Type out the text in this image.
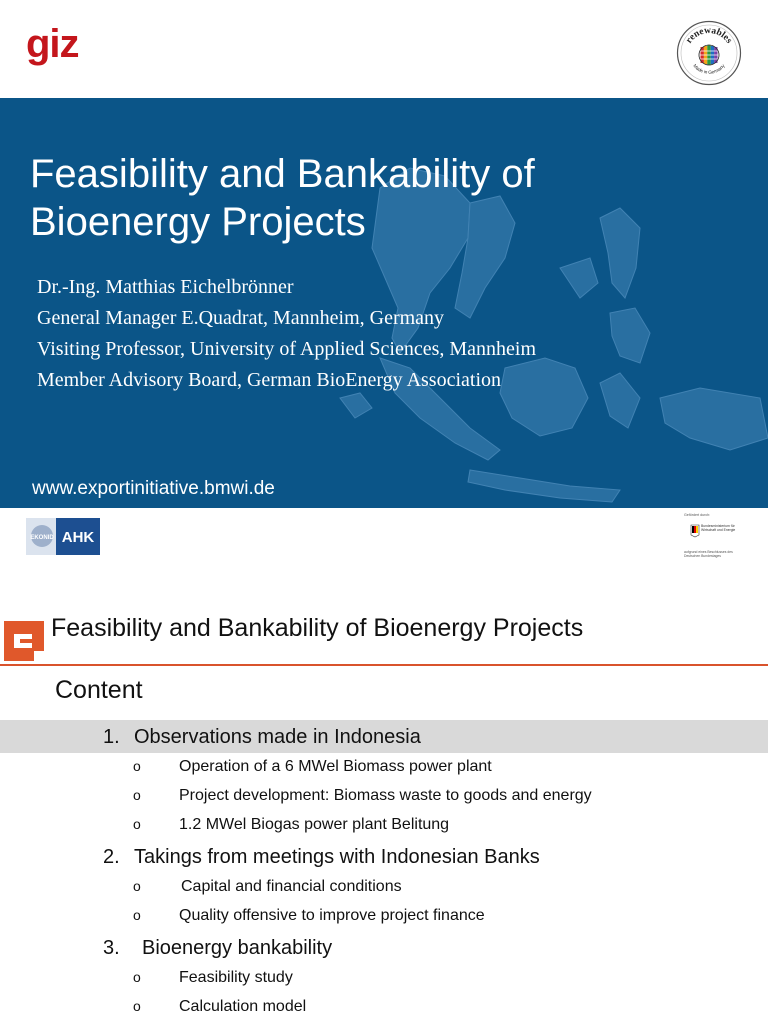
giz	renewables
Made in Germany
Feasibility and Bankability of
Bioenergy Projects
Dr.-Ing. Matthias Eichelbrönner
General Manager E.Quadrat, Mannheim, Germany
Visiting Professor, University of Applied Sciences, Mannheim
Member Advisory Board, German BioEnergy Association
www.exportinitiative.bmwi.de
EKONID AHK
Gefördert durch:
Bundesministerium für Wirtschaft und Energie
aufgrund eines Beschlusses des Deutschen Bundestages
Feasibility and Bankability of Bioenergy Projects
Content
1. Observations made in Indonesia
o Operation of a 6 MWel Biomass power plant
o Project development: Biomass waste to goods and energy
o 1.2 MWel Biogas power plant Belitung
2. Takings from meetings with Indonesian Banks
o	Capital and financial conditions
o Quality offensive to improve project finance
3. Bioenergy bankability
o Feasibility study
o Calculation model
